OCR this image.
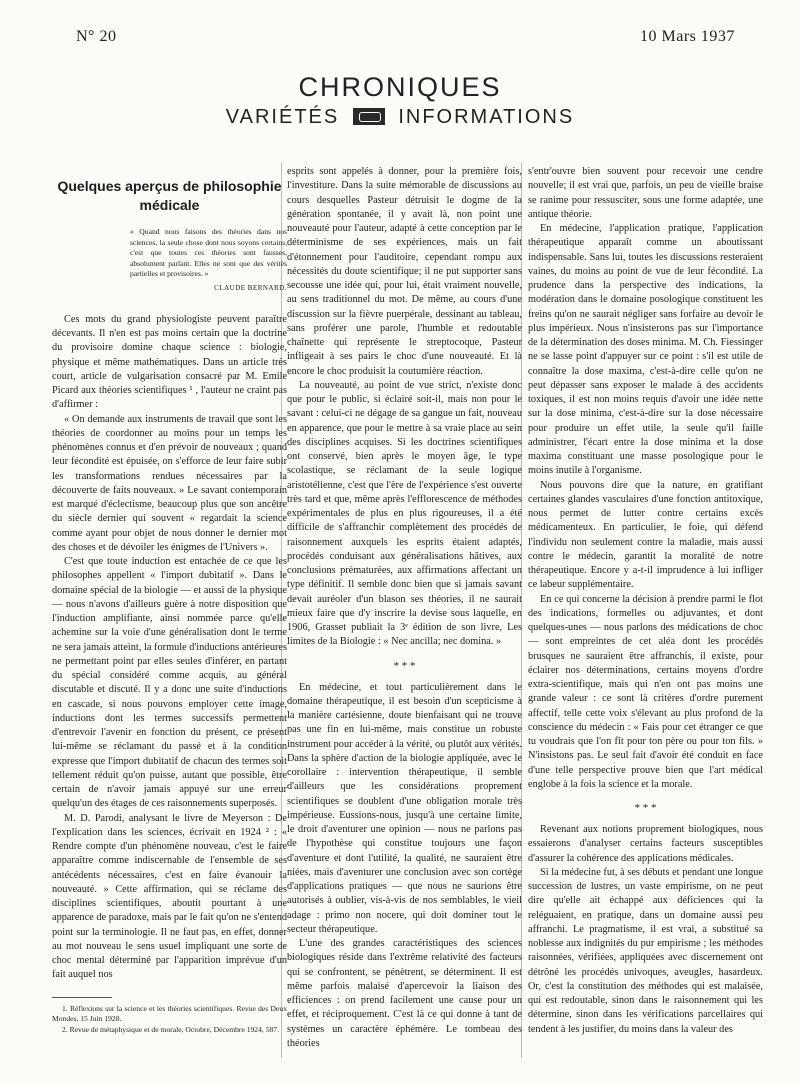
N° 20	10 Mars 1937
CHRONIQUES
VARIÉTÉS	INFORMATIONS
Quelques aperçus de philosophie médicale
« Quand nous faisons des théories dans nos sciences, la seule chose dont nous soyons certains, c'est que toutes ces théories sont fausses, absolument parlant. Elles ne sont que des vérités partielles et provisoires. »
CLAUDE BERNARD.

Ces mots du grand physiologiste peuvent paraître décevants. Il n'en est pas moins certain que la doctrine du provisoire domine chaque science : biologie, physique et même mathématiques. Dans un article très court, article de vulgarisation consacré par M. Emile Picard aux théories scientifiques ¹ , l'auteur ne craint pas d'affirmer :

« On demande aux instruments de travail que sont les théories de coordonner au moins pour un temps les phénomènes connus et d'en prévoir de nouveaux ; quand leur fécondité est épuisée, on s'efforce de leur faire subir les transformations rendues nécessaires par la découverte de faits nouveaux. » Le savant contemporain est marqué d'éclectisme, beaucoup plus que son ancêtre du siècle dernier qui souvent « regardait la science comme ayant pour objet de nous donner le dernier mot des choses et de dévoiler les énigmes de l'Univers ».

C'est que toute induction est entachée de ce que les philosophes appellent « l'import dubitatif ». Dans le domaine spécial de la biologie — et aussi de la physique — nous n'avons d'ailleurs guère à notre disposition que l'induction amplifiante, ainsi nommée parce qu'elle achemine sur la voie d'une généralisation dont le terme ne sera jamais atteint, la formule d'inductions antérieures ne permettant point par elles seules d'inférer, en partant du spécial considéré comme acquis, au général discutable et discuté. Il y a donc une suite d'inductions en cascade, si nous pouvons employer cette image, inductions dont les termes successifs permettent d'entrevoir l'avenir en fonction du présent, ce présent lui-même se réclamant du passé et à la condition expresse que l'import dubitatif de chacun des termes soit tellement réduit qu'on puisse, autant que possible, être certain de n'avoir jamais appuyé sur une erreur quelqu'un des étages de ces raisonnements superposés.

M. D. Parodi, analysant le livre de Meyerson : De l'explication dans les sciences, écrivait en 1924 ² : « Rendre compte d'un phénomène nouveau, c'est le faire apparaître comme indiscernable de l'ensemble de ses antécédents nécessaires, c'est en faire évanouir la nouveauté. » Cette affirmation, qui se réclame des disciplines scientifiques, aboutit pourtant à une apparence de paradoxe, mais par le fait qu'on ne s'entend point sur la terminologie. Il ne faut pas, en effet, donner au mot nouveau le sens usuel impliquant une sorte de choc mental déterminé par l'apparition imprévue d'un fait auquel nos

1. Réflexions sur la science et les théories scientifiques. Revue des Deux Mondes, 15 Juin 1928.

2. Revue de métaphysique et de morale, Octobre, Décembre 1924, 587.

esprits sont appelés à donner, pour la première fois, l'investiture. Dans la suite mémorable de discussions au cours desquelles Pasteur détruisit le dogme de la génération spontanée, il y avait là, non point une nouveauté pour l'auteur, adapté à cette conception par le déterminisme de ses expériences, mais un fait d'étonnement pour l'auditoire, cependant rompu aux nécessités du doute scientifique; il ne put supporter sans secousse une idée qui, pour lui, était vraiment nouvelle, au sens traditionnel du mot. De même, au cours d'une discussion sur la fièvre puerpérale, dessinant au tableau, sans proférer une parole, l'humble et redoutable chaînette qui représente le streptocoque, Pasteur infligeait à ses pairs le choc d'une nouveauté. Et là encore le choc produisit la coutumière réaction.

La nouveauté, au point de vue strict, n'existe donc que pour le public, si éclairé soit-il, mais non pour le savant : celui-ci ne dégage de sa gangue un fait, nouveau en apparence, que pour le mettre à sa vraie place au sein des disciplines acquises. Si les doctrines scientifiques ont conservé, bien après le moyen âge, le type scolastique, se réclamant de la seule logique aristotélienne, c'est que l'ère de l'expérience s'est ouverte très tard et que, même après l'efflorescence de méthodes expérimentales de plus en plus rigoureuses, il a été difficile de s'affranchir complètement des procédés de raisonnement auxquels les esprits étaient adaptés, procédés conduisant aux généralisations hâtives, aux conclusions prématurées, aux affirmations affectant un type définitif. Il semble donc bien que si jamais savant devait auréoler d'un blason ses théories, il ne saurait mieux faire que d'y inscrire la devise sous laquelle, en 1906, Grasset publiait la 3ᵉ édition de son livre, Les limites de la Biologie : « Nec ancilla; nec domina. »

* * *

En médecine, et tout particulièrement dans le domaine thérapeutique, il est besoin d'un scepticisme à la manière cartésienne, doute bienfaisant qui ne trouve pas une fin en lui-même, mais constitue un robuste instrument pour accéder à la vérité, ou plutôt aux vérités. Dans la sphère d'action de la biologie appliquée, avec le corollaire : intervention thérapeutique, il semble d'ailleurs que les considérations proprement scientifiques se doublent d'une obligation morale très impérieuse. Eussions-nous, jusqu'à une certaine limite, le droit d'aventurer une opinion — nous ne parlons pas de l'hypothèse qui constitue toujours une façon d'aventure et dont l'utilité, la qualité, ne sauraient être niées, mais d'aventurer une conclusion avec son cortège d'applications pratiques — que nous ne saurions être autorisés à oublier, vis-à-vis de nos semblables, le vieil adage : primo non nocere, qui doit dominer tout le secteur thérapeutique.

L'une des grandes caractéristiques des sciences biologiques réside dans l'extrême relativité des facteurs qui se confrontent, se pénètrent, se déterminent. Il est même parfois malaisé d'apercevoir la liaison des efficiences : on prend facilement une cause pour un effet, et réciproquement. C'est là ce qui donne à tant de systèmes un caractère éphémère. Le tombeau des théories

s'entr'ouvre bien souvent pour recevoir une cendre nouvelle; il est vrai que, parfois, un peu de vieille braise se ranime pour ressusciter, sous une forme adaptée, une antique théorie.

En médecine, l'application pratique, l'application thérapeutique apparaît comme un aboutissant indispensable. Sans lui, toutes les discussions resteraient vaines, du moins au point de vue de leur fécondité. La prudence dans la perspective des indications, la modération dans le domaine posologique constituent les freins qu'on ne saurait négliger sans forfaire au devoir le plus impérieux. Nous n'insisterons pas sur l'importance de la détermination des doses minima. M. Ch. Fiessinger ne se lasse point d'appuyer sur ce point : s'il est utile de connaître la dose maxima, c'est-à-dire celle qu'on ne peut dépasser sans exposer le malade à des accidents toxiques, il est non moins requis d'avoir une idée nette sur la dose minima, c'est-à-dire sur la dose nécessaire pour produire un effet utile, la seule qu'il faille administrer, l'écart entre la dose minima et la dose maxima constituant une masse posologique pour le moins inutile à l'organisme.

Nous pouvons dire que la nature, en gratifiant certaines glandes vasculaires d'une fonction antitoxique, nous permet de lutter contre certains excès médicamenteux. En particulier, le foie, qui défend l'individu non seulement contre la maladie, mais aussi contre le médecin, garantit la moralité de notre thérapeutique. Encore y a-t-il imprudence à lui infliger ce labeur supplémentaire.

En ce qui concerne la décision à prendre parmi le flot des indications, formelles ou adjuvantes, et dont quelques-unes — nous parlons des médications de choc — sont empreintes de cet aléa dont les procédés brusques ne sauraient être affranchis, il existe, pour éclairer nos déterminations, certains moyens d'ordre extra-scientifique, mais qui n'en ont pas moins une grande valeur : ce sont là critères d'ordre purement affectif, telle cette voix s'élevant au plus profond de la conscience du médecin : « Fais pour cet étranger ce que tu voudrais que l'on fît pour ton père ou pour ton fils. » N'insistons pas. Le seul fait d'avoir été conduit en face d'une telle perspective prouve bien que l'art médical englobe à la fois la science et la morale.

* * *

Revenant aux notions proprement biologiques, nous essaierons d'analyser certains facteurs susceptibles d'assurer la cohérence des applications médicales.

Si la médecine fut, à ses débuts et pendant une longue succession de lustres, un vaste empirisme, on ne peut dire qu'elle ait échappé aux déficiences qui la reléguaient, en pratique, dans un domaine aussi peu affranchi. Le pragmatisme, il est vrai, a substitué sa noblesse aux indignités du pur empirisme ; les méthodes raisonnées, vérifiées, appliquées avec discernement ont détrôné les procédés univoques, aveugles, hasardeux. Or, c'est la constitution des méthodes qui est malaisée, qui est redoutable, sinon dans le raisonnement qui les détermine, sinon dans les vérifications parcellaires qui tendent à les justifier, du moins dans la valeur des
